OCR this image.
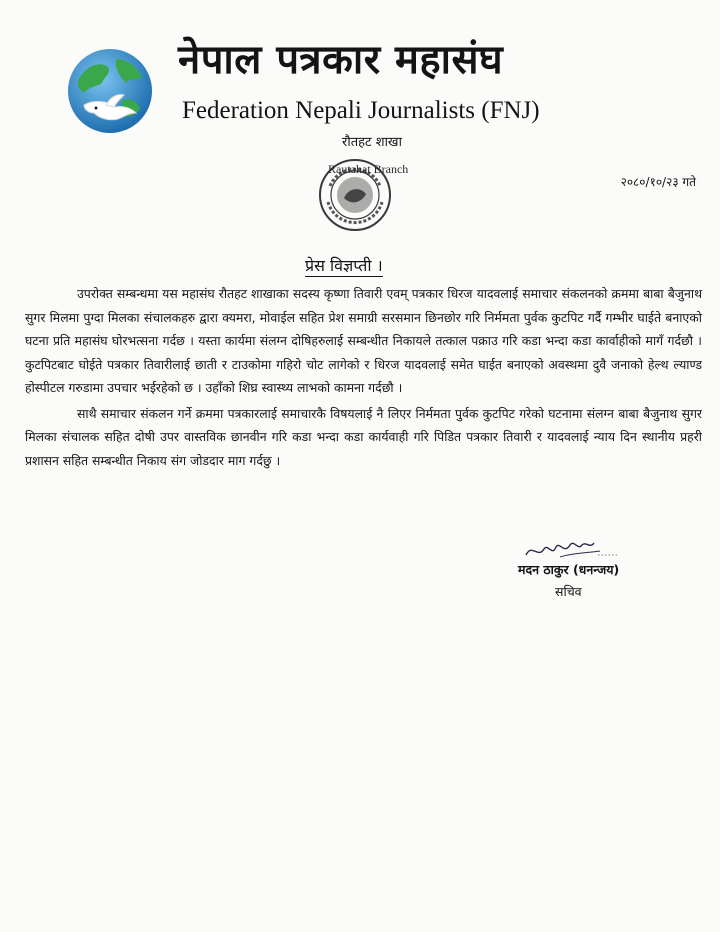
नेपाल पत्रकार महासंघ
Federation Nepali Journalists (FNJ)
रौतहट शाखा
Rautahat Branch
२०८०/१०/२३ गते
प्रेस विज्ञप्ती ।

उपरोक्त सम्बन्धमा यस महासंघ रौतहट शाखाका सदस्य कृष्णा तिवारी एवम् पत्रकार धिरज यादवलाई समाचार संकलनको क्रममा बाबा बैजुनाथ सुगर मिलमा पुग्दा मिलका संचालकहरु द्वारा क्यमरा, मोवाईल सहित प्रेश समाग्री सरसमान छिनछोर गरि निर्ममता पुर्वक कुटपिट गर्दै गम्भीर घाईते बनाएको घटना प्रति महासंघ घोरभत्सना गर्दछ । यस्ता कार्यमा संलग्न दोषिहरुलाई सम्बन्धीत निकायले तत्काल पक्राउ गरि कडा भन्दा कडा कार्वाहीको मागँ गर्दछौ । कुटपिटबाट घोईते पत्रकार तिवारीलाई छाती र टाउकोमा गहिरो चोट लागेको र धिरज यादवलाई समेत घाईत बनाएको अवस्थमा दुवै जनाको हेल्थ ल्याण्ड होस्पीटल गरुडामा उपचार भईरहेको छ । उहाँको शिघ्र स्वास्थ्य लाभको कामना गर्दछौ ।

साथै समाचार संकलन गर्ने क्रममा पत्रकारलाई समाचारकै विषयलाई नै लिएर निर्ममता पुर्वक कुटपिट गरेको घटनामा संलग्न बाबा बैजुनाथ सुगर मिलका संचालक सहित दोषी उपर वास्तविक छानवीन गरि कडा भन्दा कडा कार्यवाही गरि पिडित पत्रकार तिवारी र यादवलाई न्याय दिन स्थानीय प्रहरी प्रशासन सहित सम्बन्धीत निकाय संग जोडदार माग गर्दछु ।

मदन ठाकुर (धनन्जय)
सचिव
